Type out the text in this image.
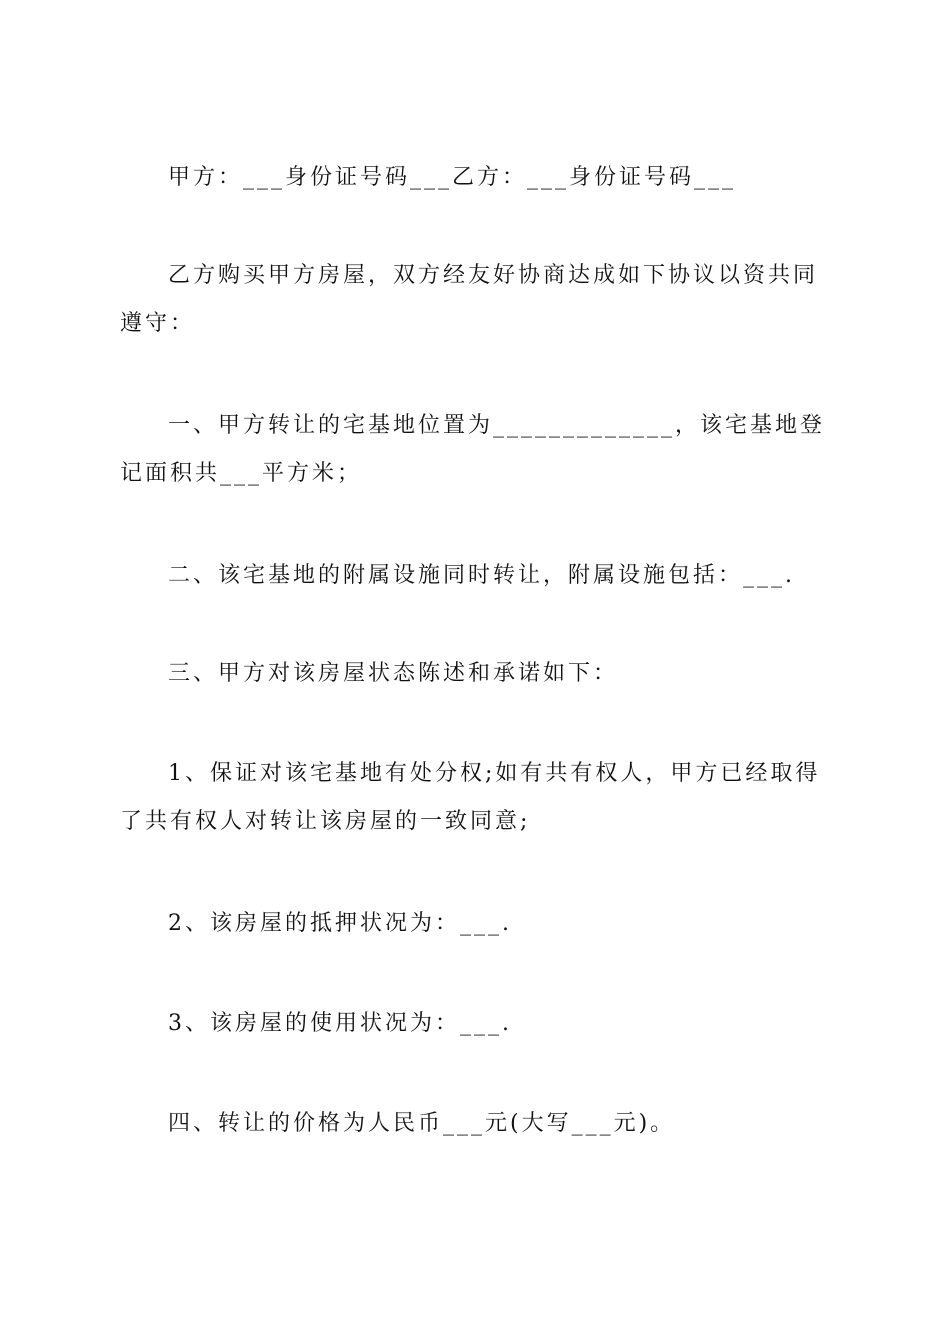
甲方：___身份证号码___乙方：___身份证号码___

乙方购买甲方房屋，双方经友好协商达成如下协议以资共同遵守：

一、甲方转让的宅基地位置为_____________，该宅基地登记面积共___平方米；

二、该宅基地的附属设施同时转让，附属设施包括：___.

三、甲方对该房屋状态陈述和承诺如下：

1、保证对该宅基地有处分权;如有共有权人，甲方已经取得了共有权人对转让该房屋的一致同意;

2、该房屋的抵押状况为：___.

3、该房屋的使用状况为：___.

四、转让的价格为人民币___元(大写___元)。
